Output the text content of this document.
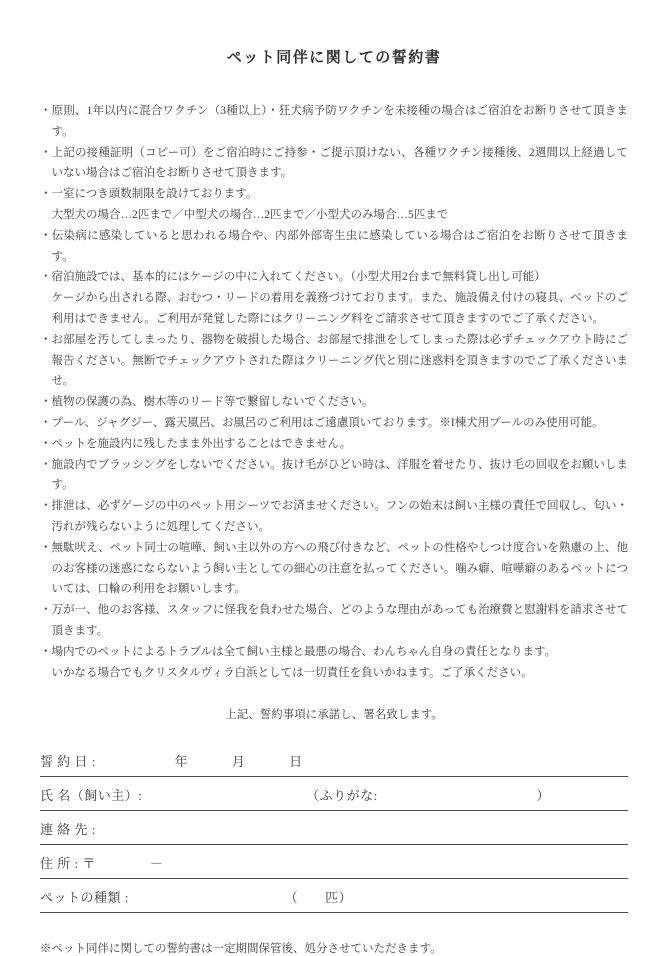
ペット同伴に関しての誓約書

・原則、1年以内に混合ワクチン（3種以上）・狂犬病予防ワクチンを未接種の場合はご宿泊をお断りさせて頂きます。

・上記の接種証明（コピー可）をご宿泊時にご持参・ご提示頂けない、各種ワクチン接種後、2週間以上経過していない場合はご宿泊をお断りさせて頂きます。

・一室につき頭数制限を設けております。

大型犬の場合…2匹まで／中型犬の場合…2匹まで／小型犬のみ場合…5匹まで

・伝染病に感染していると思われる場合や、内部外部寄生虫に感染している場合はご宿泊をお断りさせて頂きます。

・宿泊施設では、基本的にはケージの中に入れてください。（小型犬用2台まで無料貸し出し可能）

ケージから出される際、おむつ・リードの着用を義務づけております。また、施設備え付けの寝具、ベッドのご利用はできません。ご利用が発覚した際にはクリーニング料をご請求させて頂きますのでご了承ください。

・お部屋を汚してしまったり、器物を破損した場合、お部屋で排泄をしてしまった際は必ずチェックアウト時にご報告ください。無断でチェックアウトされた際はクリーニング代と別に迷惑料を頂きますのでご了承くださいませ。

・植物の保護の為、樹木等のリード等で繋留しないでください。

・プール、ジャグジー、露天風呂、お風呂のご利用はご遠慮頂いております。※I棟犬用プールのみ使用可能。

・ペットを施設内に残したまま外出することはできません。

・施設内でブラッシングをしないでください。抜け毛がひどい時は、洋服を着せたり、抜け毛の回収をお願いします。

・排泄は、必ずゲージの中のペット用シーツでお済ませください。フンの始末は飼い主様の責任で回収し、匂い・汚れが残らないように処理してください。

・無駄吠え、ペット同士の喧嘩、飼い主以外の方への飛び付きなど、ペットの性格やしつけ度合いを熟慮の上、他のお客様の迷惑にならないよう飼い主としての細心の注意を払ってください。噛み癖、喧嘩癖のあるペットについては、口輪の利用をお願いします。

・万が一、他のお客様、スタッフに怪我を負わせた場合、どのような理由があっても治療費と慰謝料を請求させて頂きます。

・場内でのペットによるトラブルは全て飼い主様と最悪の場合、わんちゃん自身の責任となります。

いかなる場合でもクリスタルヴィラ白浜としては一切責任を負いかねます。ご了承ください。

上記、誓約事項に承諾し、署名致します。

誓 約 日 :	年	月	日
氏 名（飼い主）:	（ふりがな:	）
連 絡 先 :
住 所 : 〒	－
ペットの種類 :	（　　匹）

※ペット同伴に関しての誓約書は一定期間保管後、処分させていただきます。
